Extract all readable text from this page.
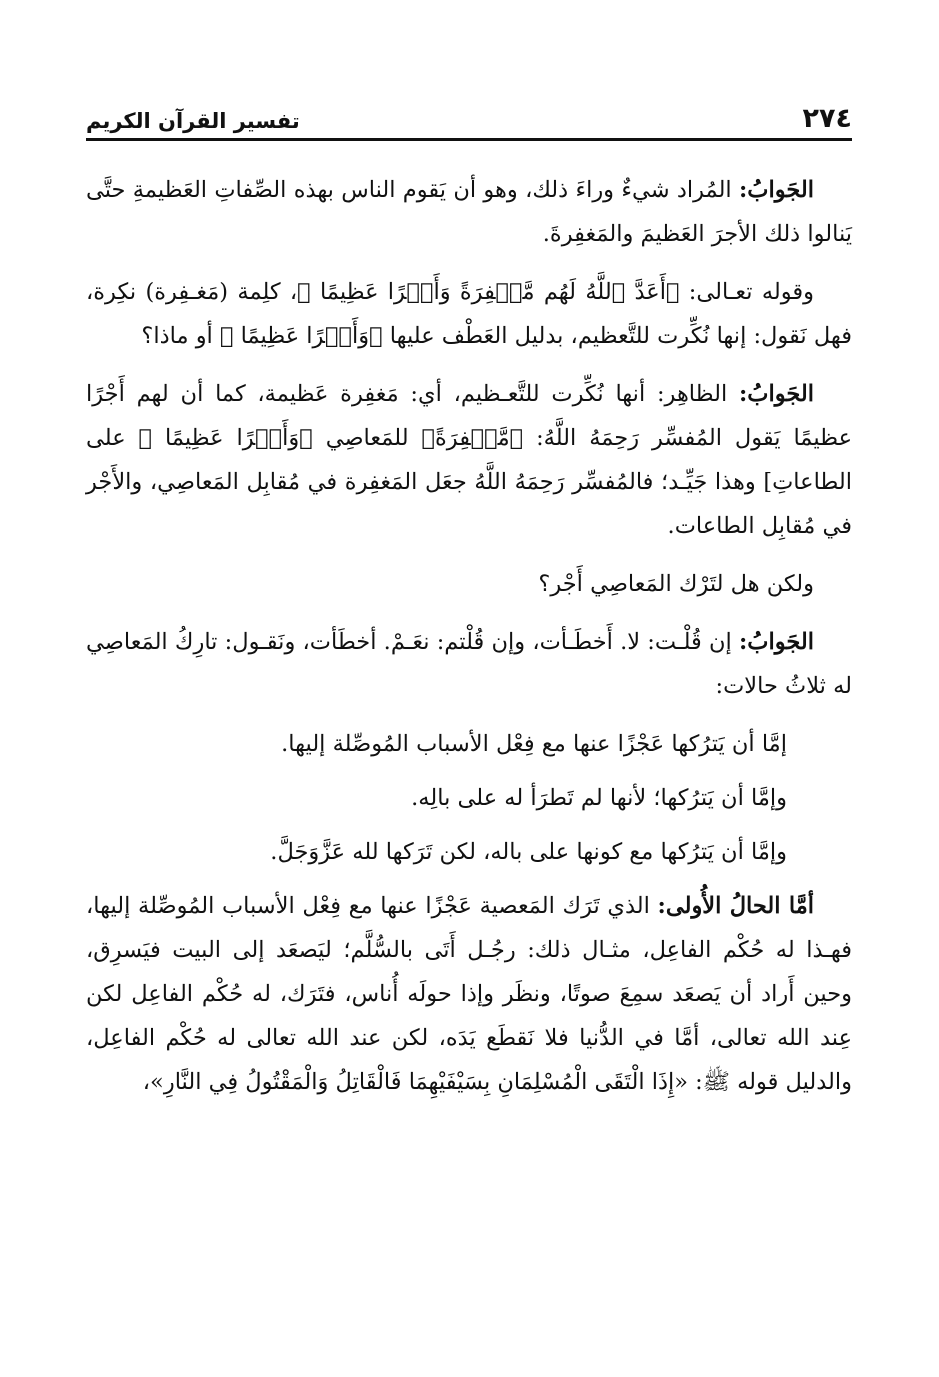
٢٧٤
تفسير القرآن الكريم

الجَوابُ: المُراد شيءٌ وراءَ ذلك، وهو أن يَقوم الناس بهذه الصِّفاتِ العَظيمةِ حتَّى يَنالوا ذلك الأجرَ العَظيمَ والمَغفِرةَ.

وقوله تعـالى: ﴿أَعَدَّ ٱللَّهُ لَهُم مَّغۡفِرَةً وَأَجۡرًا عَظِيمًا ﴾، كلِمة (مَغـفِرة) نكِرة، فهل نَقول: إنها نُكِّرت للتَّعظيم، بدليل العَطْف عليها ﴿وَأَجۡرًا عَظِيمًا ﴾ أو ماذا؟

الجَوابُ: الظاهِر: أنها نُكِّرت للتَّعـظيم، أي: مَغفِرة عَظيمة، كما أن لهم أَجْرًا عظيمًا يَقول المُفسِّر رَحِمَهُ اللَّهُ: ﴿مَّغۡفِرَةً﴾ للمَعاصِي ﴿وَأَجۡرًا عَظِيمًا ﴾ على الطاعاتِ] وهذا جَيِّـد؛ فالمُفسِّر رَحِمَهُ اللَّهُ جعَل المَغفِرة في مُقابِل المَعاصِي، والأَجْر في مُقابِل الطاعات.

ولكن هل لتَرْك المَعاصِي أَجْر؟

الجَوابُ: إن قُلْـت: لا. أَخطَـأت، وإن قُلْتم: نعَـمْ. أخطَأت، ونَقـول: تارِكُ المَعاصِي له ثلاثُ حالات:

إمَّا أن يَترُكها عَجْزًا عنها مع فِعْل الأسباب المُوصِّلة إليها.

وإمَّا أن يَترُكها؛ لأنها لم تَطرَأ له على بالِه.

وإمَّا أن يَترُكها مع كونها على باله، لكن تَرَكها لله عَزَّوَجَلَّ.

أمَّا الحالُ الأُولى: الذي تَرَك المَعصية عَجْزًا عنها مع فِعْل الأسباب المُوصِّلة إليها، فهـذا له حُكْم الفاعِل، مثـال ذلك: رجُـل أَتَى بالسُّلَّم؛ ليَصعَد إلى البيت فيَسرِق، وحين أَراد أن يَصعَد سمِعَ صوتًا، ونظَر وإذا حولَه أُناس، فتَرَك، له حُكْم الفاعِل لكن عِند الله تعالى، أمَّا في الدُّنيا فلا نَقطَع يَدَه، لكن عند الله تعالى له حُكْم الفاعِل، والدليل قوله ﷺ: «إِذَا الْتَقَى الْمُسْلِمَانِ بِسَيْفَيْهِمَا فَالْقَاتِلُ وَالْمَقْتُولُ فِي النَّارِ»،
